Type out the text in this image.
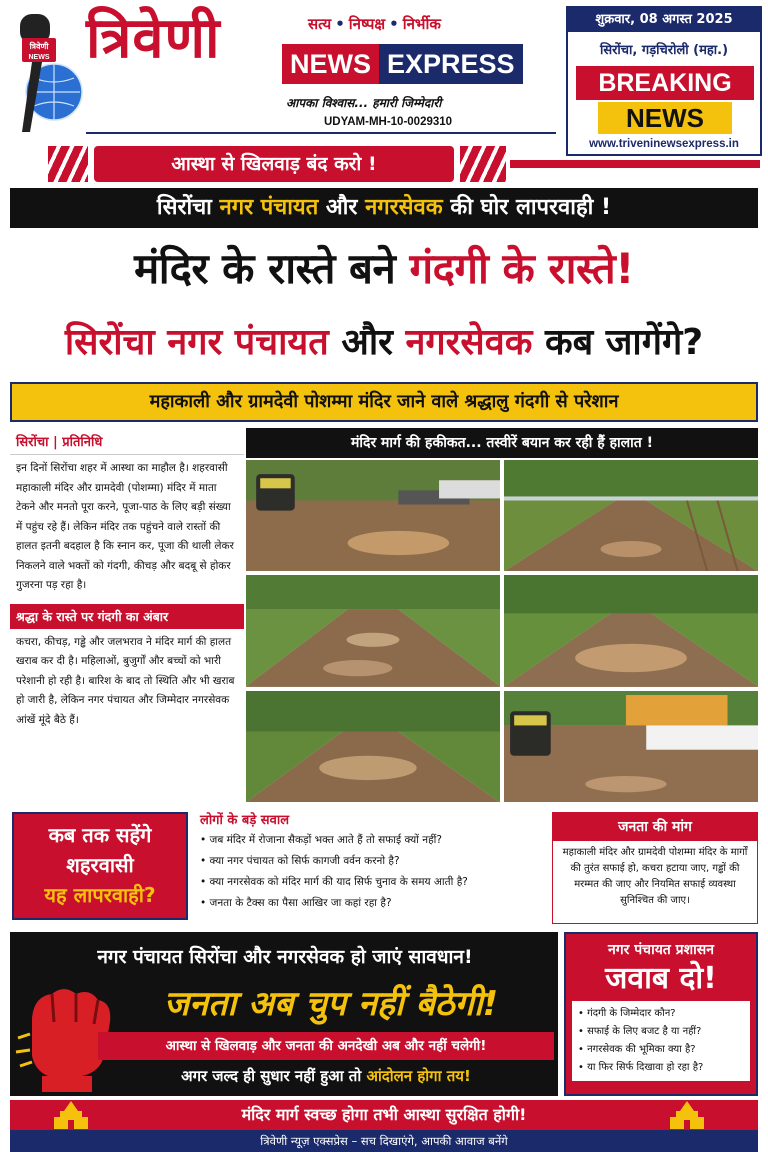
त्रिवेणी
NEWS त्रिवेणी	सत्य • निष्पक्ष • निर्भीक
NEWS EXPRESS
आपका विश्वास... हमारी जिम्मेदारी
UDYAM-MH-10-0029310
शुक्रवार, 08 अगस्त 2025
सिरोंचा, गड़चिरोली (महा.)
BREAKING
NEWS
www.triveninewsexpress.in
आस्था से खिलवाड़ बंद करो !
सिरोंचा नगर पंचायत और नगरसेवक की घोर लापरवाही !
मंदिर के रास्ते बने गंदगी के रास्ते!
सिरोंचा नगर पंचायत और नगरसेवक कब जागेंगे?
महाकाली और ग्रामदेवी पोशम्मा मंदिर जाने वाले श्रद्धालु गंदगी से परेशान
सिरोंचा | प्रतिनिधि
इन दिनों सिरोंचा शहर में आस्था का माहौल है। शहरवासी महाकाली मंदिर और ग्रामदेवी (पोशम्मा) मंदिर में माता टेकने और मनतो पूरा करने, पूजा-पाठ के लिए बड़ी संख्या में पहुंच रहे हैं। लेकिन मंदिर तक पहुंचने वाले रास्तों की हालत इतनी बदहाल है कि स्नान कर, पूजा की थाली लेकर निकलने वाले भक्तों को गंदगी, कीचड़ और बदबू से होकर गुजरना पड़ रहा है।
श्रद्धा के रास्ते पर गंदगी का अंबार
कचरा, कीचड़, गड्ढे और जलभराव ने मंदिर मार्ग की हालत खराब कर दी है। महिलाओं, बुजुर्गों और बच्चों को भारी परेशानी हो रही है। बारिश के बाद तो स्थिति और भी खराब हो जारी है, लेकिन नगर पंचायत और जिम्मेदार नगरसेवक आंखें मूंदे बैठे हैं।
मंदिर मार्ग की हकीकत... तस्वीरें बयान कर रही हैं हालात !
कब तक सहेंगे
शहरवासी
यह लापरवाही?
लोगों के बड़े सवाल
• जब मंदिर में रोजाना सैकड़ों भक्त आते हैं तो सफाई क्यों नहीं?
• क्या नगर पंचायत को सिर्फ कागजी वर्वन करनो है?
• क्या नगरसेवक को मंदिर मार्ग की याद सिर्फ चुनाव के समय आती है?
• जनता के टैक्स का पैसा आखिर जा कहां रहा है?
जनता की मांग
महाकाली मंदिर और ग्रामदेवी पोशम्मा मंदिर के मार्गों की तुरंत सफाई हो, कचरा हटाया जाए, गड्ढों की मरम्मत की जाए और नियमित सफाई व्यवस्था सुनिश्चित की जाए।
नगर पंचायत सिरोंचा और नगरसेवक हो जाएं सावधान!
जनता अब चुप नहीं बैठेगी!
आस्था से खिलवाड़ और जनता की अनदेखी अब और नहीं चलेगी!
अगर जल्द ही सुधार नहीं हुआ तो आंदोलन होगा तय!
नगर पंचायत प्रशासन
जवाब दो!
• गंदगी के जिम्मेदार कौन?
• सफाई के लिए बजट है या नहीं?
• नगरसेवक की भूमिका क्या है?
• या फिर सिर्फ दिखावा हो रहा है?
मंदिर मार्ग स्वच्छ होगा तभी आस्था सुरक्षित होगी!
त्रिवेणी न्यूज़ एक्सप्रेस – सच दिखाएंगे, आपकी आवाज बनेंगे
